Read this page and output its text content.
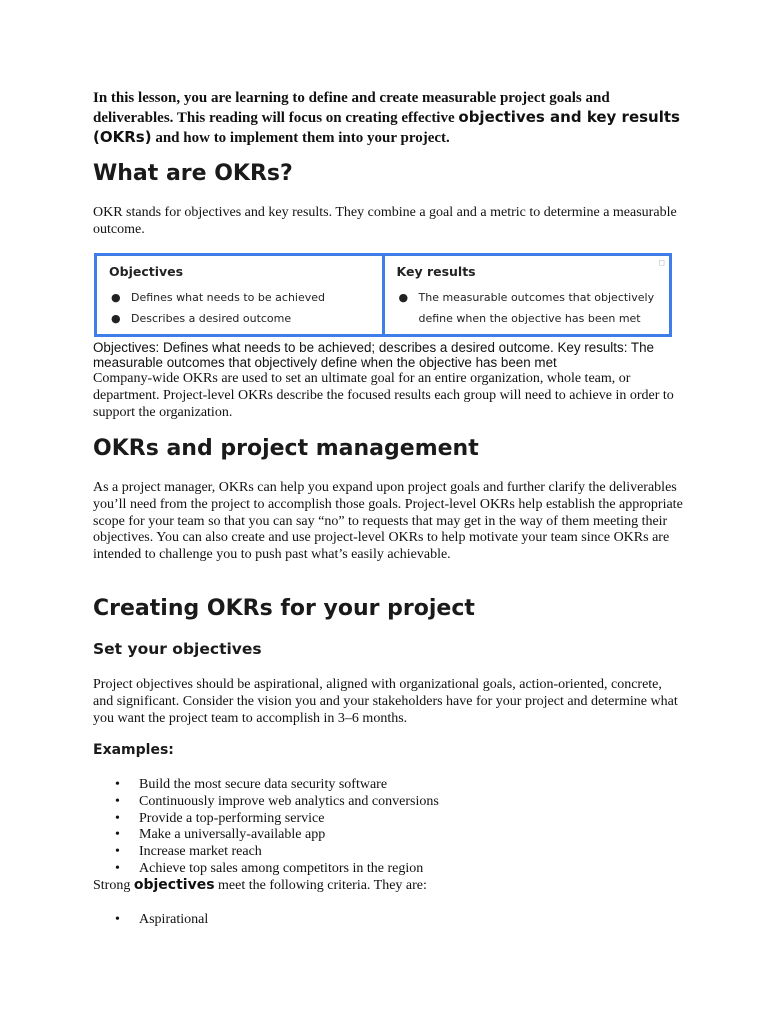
In this lesson, you are learning to define and create measurable project goals and deliverables. This reading will focus on creating effective objectives and key results (OKRs) and how to implement them into your project.
What are OKRs?
OKR stands for objectives and key results. They combine a goal and a metric to determine a measurable outcome.
Objectives
● Defines what needs to be achieved
● Describes a desired outcome
◻
Key results
● The measurable outcomes that objectively define when the objective has been met
Objectives: Defines what needs to be achieved; describes a desired outcome. Key results: The measurable outcomes that objectively define when the objective has been met
Company-wide OKRs are used to set an ultimate goal for an entire organization, whole team, or department. Project-level OKRs describe the focused results each group will need to achieve in order to support the organization.
OKRs and project management
As a project manager, OKRs can help you expand upon project goals and further clarify the deliverables you’ll need from the project to accomplish those goals. Project-level OKRs help establish the appropriate scope for your team so that you can say “no” to requests that may get in the way of them meeting their objectives. You can also create and use project-level OKRs to help motivate your team since OKRs are intended to challenge you to push past what’s easily achievable.
Creating OKRs for your project
Set your objectives
Project objectives should be aspirational, aligned with organizational goals, action-oriented, concrete, and significant. Consider the vision you and your stakeholders have for your project and determine what you want the project team to accomplish in 3–6 months.
Examples:
• Build the most secure data security software
• Continuously improve web analytics and conversions
• Provide a top-performing service
• Make a universally-available app
• Increase market reach
• Achieve top sales among competitors in the region
Strong objectives meet the following criteria. They are:
• Aspirational
